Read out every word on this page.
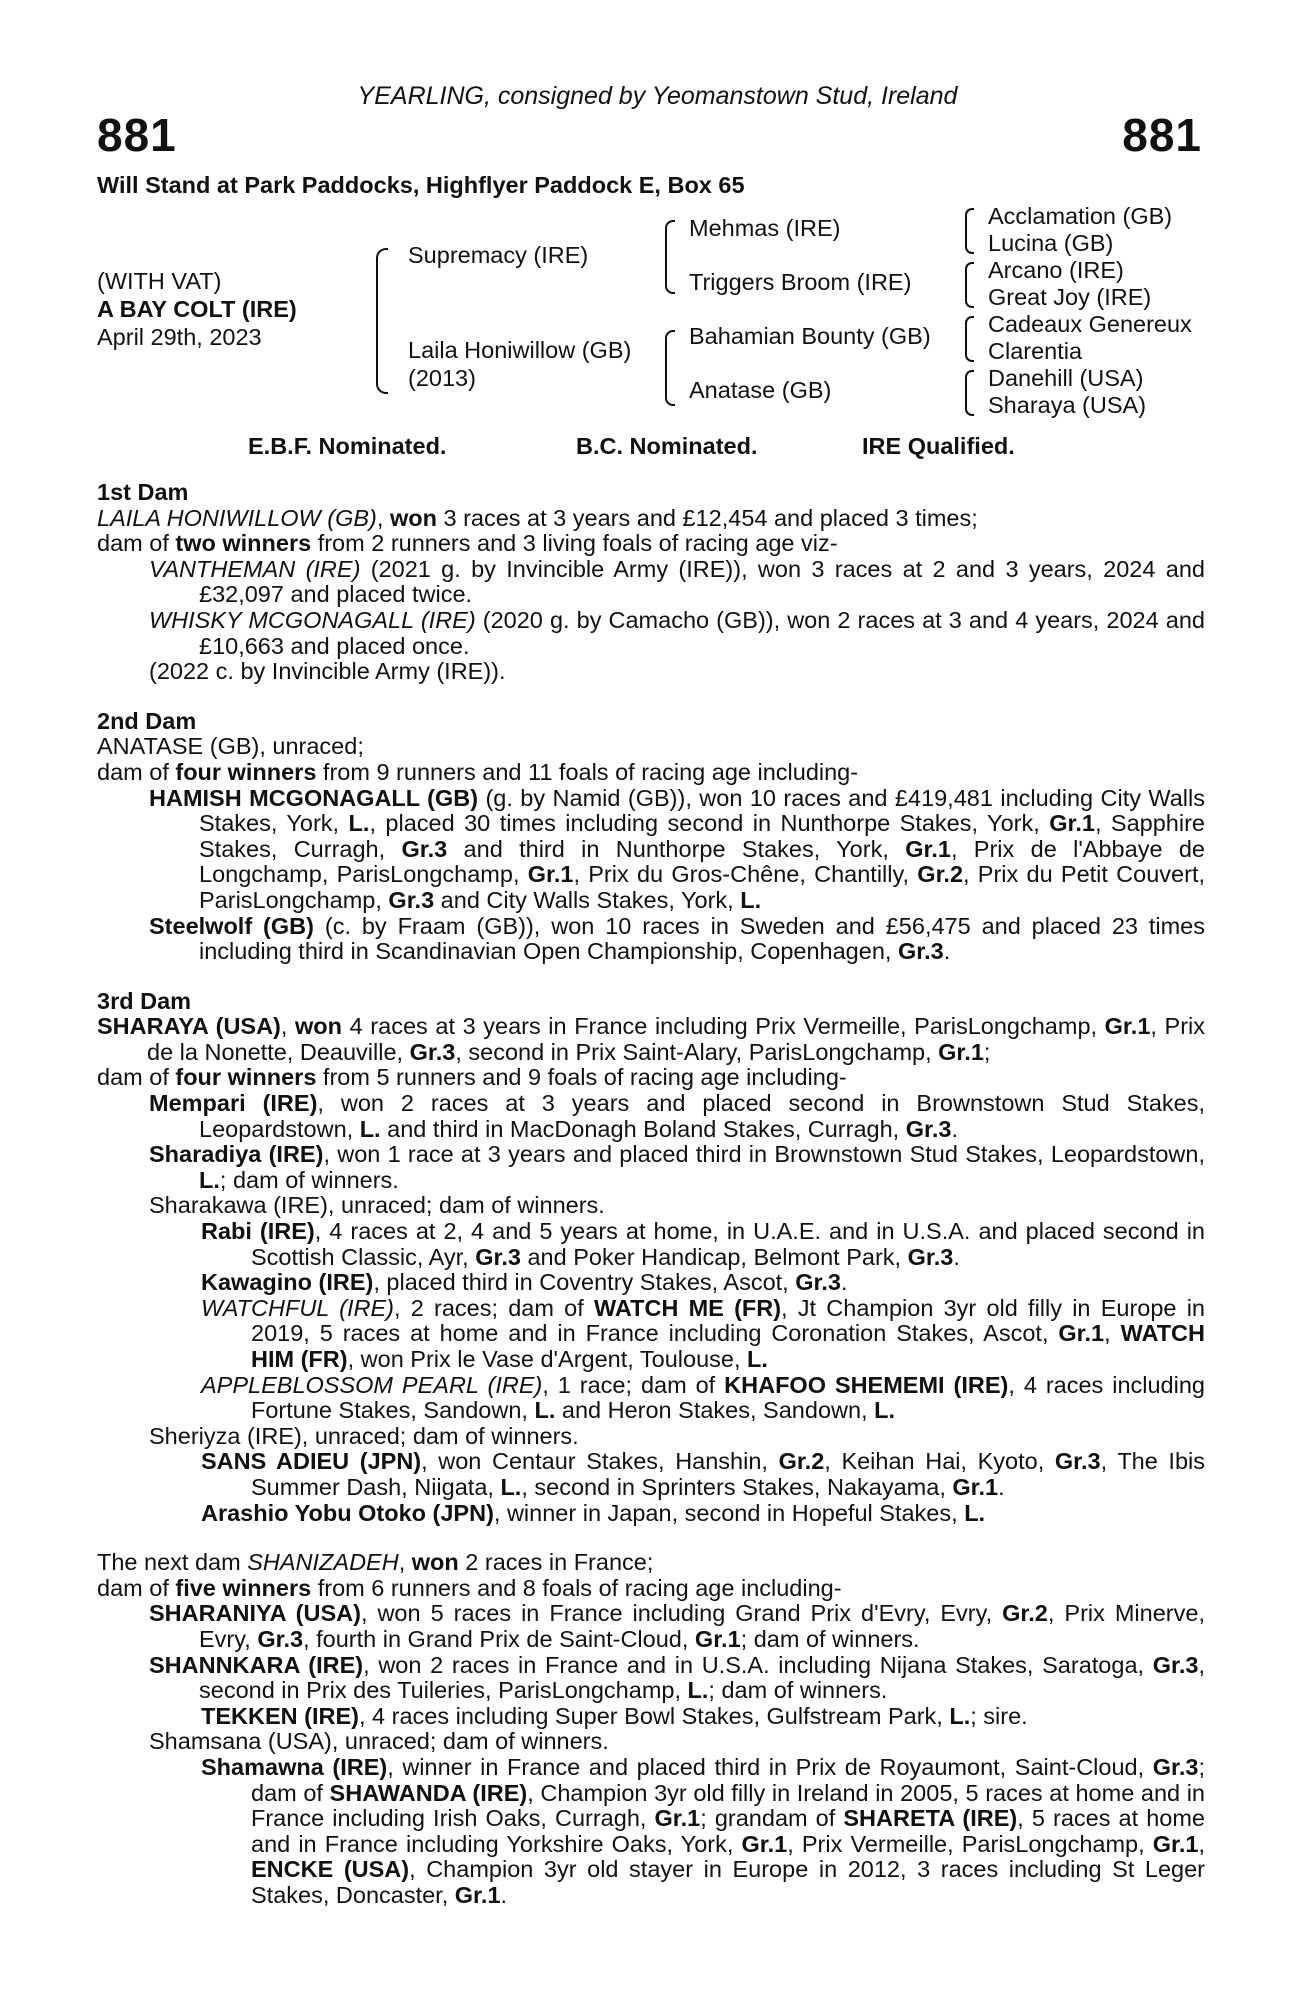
YEARLING, consigned by Yeomanstown Stud, Ireland
881	881
Will Stand at Park Paddocks, Highflyer Paddock E, Box 65
(WITH VAT)
A BAY COLT (IRE)
April 29th, 2023
Supremacy (IRE)
Laila Honiwillow (GB)
(2013)
Mehmas (IRE)
Triggers Broom (IRE)
Bahamian Bounty (GB)
Anatase (GB)
Acclamation (GB)
Lucina (GB)
Arcano (IRE)
Great Joy (IRE)
Cadeaux Genereux
Clarentia
Danehill (USA)
Sharaya (USA)
E.B.F. Nominated.	B.C. Nominated.	IRE Qualified.

1st Dam

LAILA HONIWILLOW (GB), won 3 races at 3 years and £12,454 and placed 3 times;

dam of two winners from 2 runners and 3 living foals of racing age viz-

VANTHEMAN (IRE) (2021 g. by Invincible Army (IRE)), won 3 races at 2 and 3 years, 2024 and £32,097 and placed twice.

WHISKY MCGONAGALL (IRE) (2020 g. by Camacho (GB)), won 2 races at 3 and 4 years, 2024 and £10,663 and placed once.

(2022 c. by Invincible Army (IRE)).

2nd Dam

ANATASE (GB), unraced;

dam of four winners from 9 runners and 11 foals of racing age including-

HAMISH MCGONAGALL (GB) (g. by Namid (GB)), won 10 races and £419,481 including City Walls Stakes, York, L., placed 30 times including second in Nunthorpe Stakes, York, Gr.1, Sapphire Stakes, Curragh, Gr.3 and third in Nunthorpe Stakes, York, Gr.1, Prix de l'Abbaye de Longchamp, ParisLongchamp, Gr.1, Prix du Gros-Chêne, Chantilly, Gr.2, Prix du Petit Couvert, ParisLongchamp, Gr.3 and City Walls Stakes, York, L.

Steelwolf (GB) (c. by Fraam (GB)), won 10 races in Sweden and £56,475 and placed 23 times including third in Scandinavian Open Championship, Copenhagen, Gr.3.

3rd Dam

SHARAYA (USA), won 4 races at 3 years in France including Prix Vermeille, ParisLongchamp, Gr.1, Prix de la Nonette, Deauville, Gr.3, second in Prix Saint-Alary, ParisLongchamp, Gr.1;

dam of four winners from 5 runners and 9 foals of racing age including-

Mempari (IRE), won 2 races at 3 years and placed second in Brownstown Stud Stakes, Leopardstown, L. and third in MacDonagh Boland Stakes, Curragh, Gr.3.

Sharadiya (IRE), won 1 race at 3 years and placed third in Brownstown Stud Stakes, Leopardstown, L.; dam of winners.

Sharakawa (IRE), unraced; dam of winners.

Rabi (IRE), 4 races at 2, 4 and 5 years at home, in U.A.E. and in U.S.A. and placed second in Scottish Classic, Ayr, Gr.3 and Poker Handicap, Belmont Park, Gr.3.

Kawagino (IRE), placed third in Coventry Stakes, Ascot, Gr.3.

WATCHFUL (IRE), 2 races; dam of WATCH ME (FR), Jt Champion 3yr old filly in Europe in 2019, 5 races at home and in France including Coronation Stakes, Ascot, Gr.1, WATCH HIM (FR), won Prix le Vase d'Argent, Toulouse, L.

APPLEBLOSSOM PEARL (IRE), 1 race; dam of KHAFOO SHEMEMI (IRE), 4 races including Fortune Stakes, Sandown, L. and Heron Stakes, Sandown, L.

Sheriyza (IRE), unraced; dam of winners.

SANS ADIEU (JPN), won Centaur Stakes, Hanshin, Gr.2, Keihan Hai, Kyoto, Gr.3, The Ibis Summer Dash, Niigata, L., second in Sprinters Stakes, Nakayama, Gr.1.

Arashio Yobu Otoko (JPN), winner in Japan, second in Hopeful Stakes, L.

The next dam SHANIZADEH, won 2 races in France;

dam of five winners from 6 runners and 8 foals of racing age including-

SHARANIYA (USA), won 5 races in France including Grand Prix d'Evry, Evry, Gr.2, Prix Minerve, Evry, Gr.3, fourth in Grand Prix de Saint-Cloud, Gr.1; dam of winners.

SHANNKARA (IRE), won 2 races in France and in U.S.A. including Nijana Stakes, Saratoga, Gr.3, second in Prix des Tuileries, ParisLongchamp, L.; dam of winners.

TEKKEN (IRE), 4 races including Super Bowl Stakes, Gulfstream Park, L.; sire.

Shamsana (USA), unraced; dam of winners.

Shamawna (IRE), winner in France and placed third in Prix de Royaumont, Saint-Cloud, Gr.3; dam of SHAWANDA (IRE), Champion 3yr old filly in Ireland in 2005, 5 races at home and in France including Irish Oaks, Curragh, Gr.1; grandam of SHARETA (IRE), 5 races at home and in France including Yorkshire Oaks, York, Gr.1, Prix Vermeille, ParisLongchamp, Gr.1, ENCKE (USA), Champion 3yr old stayer in Europe in 2012, 3 races including St Leger Stakes, Doncaster, Gr.1.
